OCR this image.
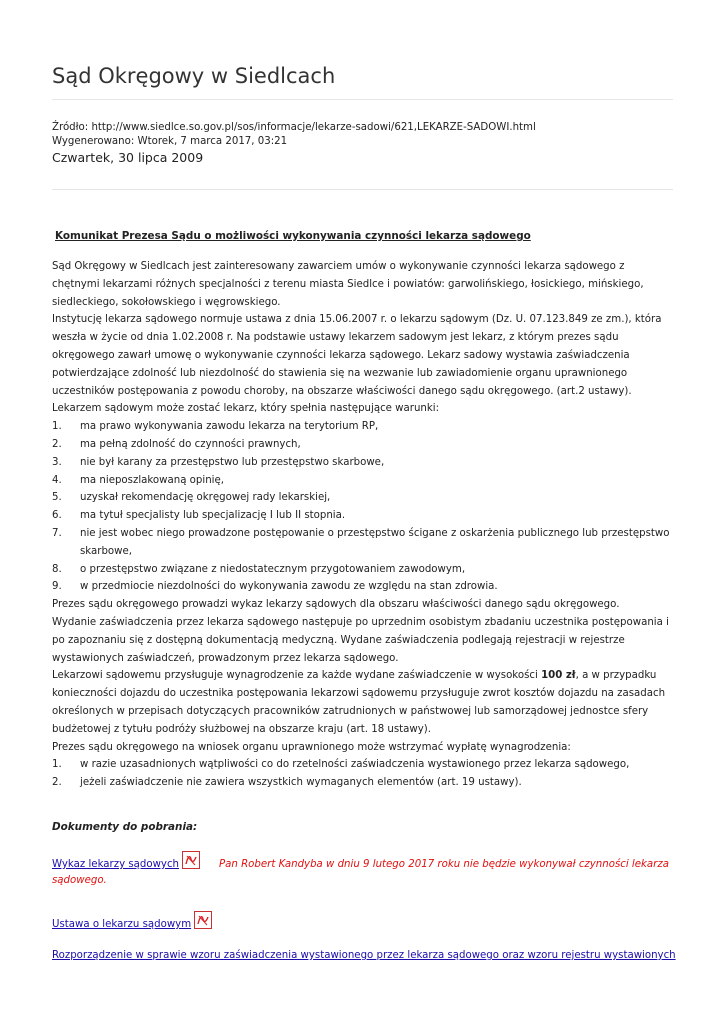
Sąd Okręgowy w Siedlcach
Źródło: http://www.siedlce.so.gov.pl/sos/informacje/lekarze-sadowi/621,LEKARZE-SADOWI.html
Wygenerowano: Wtorek, 7 marca 2017, 03:21
Czwartek, 30 lipca 2009
Komunikat Prezesa Sądu o możliwości wykonywania czynności lekarza sądowego

Sąd Okręgowy w Siedlcach jest zainteresowany zawarciem umów o wykonywanie czynności lekarza sądowego z chętnymi lekarzami różnych specjalności z terenu miasta Siedlce i powiatów: garwolińskiego, łosickiego, mińskiego, siedleckiego, sokołowskiego i węgrowskiego.

Instytucję lekarza sądowego normuje ustawa z dnia 15.06.2007 r. o lekarzu sądowym (Dz. U. 07.123.849 ze zm.), która weszła w życie od dnia 1.02.2008 r. Na podstawie ustawy lekarzem sadowym jest lekarz, z którym prezes sądu okręgowego zawarł umowę o wykonywanie czynności lekarza sądowego. Lekarz sadowy wystawia zaświadczenia potwierdzające zdolność lub niezdolność do stawienia się na wezwanie lub zawiadomienie organu uprawnionego uczestników postępowania z powodu choroby, na obszarze właściwości danego sądu okręgowego. (art.2 ustawy).

Lekarzem sądowym może zostać lekarz, który spełnia następujące warunki:

1.	ma prawo wykonywania zawodu lekarza na terytorium RP,
2.	ma pełną zdolność do czynności prawnych,
3.	nie był karany za przestępstwo lub przestępstwo skarbowe,
4.	ma nieposzlakowaną opinię,
5.	uzyskał rekomendację okręgowej rady lekarskiej,
6.	ma tytuł specjalisty lub specjalizację I lub II stopnia.
7.	nie jest wobec niego prowadzone postępowanie o przestępstwo ścigane z oskarżenia publicznego lub przestępstwo skarbowe,
8.	o przestępstwo związane z niedostatecznym przygotowaniem zawodowym,
9.	w przedmiocie niezdolności do wykonywania zawodu ze względu na stan zdrowia.

Prezes sądu okręgowego prowadzi wykaz lekarzy sądowych dla obszaru właściwości danego sądu okręgowego.

Wydanie zaświadczenia przez lekarza sądowego następuje po uprzednim osobistym zbadaniu uczestnika postępowania i po zapoznaniu się z dostępną dokumentacją medyczną. Wydane zaświadczenia podlegają rejestracji w rejestrze wystawionych zaświadczeń, prowadzonym przez lekarza sądowego.

Lekarzowi sądowemu przysługuje wynagrodzenie za każde wydane zaświadczenie w wysokości 100 zł, a w przypadku konieczności dojazdu do uczestnika postępowania lekarzowi sądowemu przysługuje zwrot kosztów dojazdu na zasadach określonych w przepisach dotyczących pracowników zatrudnionych w państwowej lub samorządowej jednostce sfery budżetowej z tytułu podróży służbowej na obszarze kraju (art. 18 ustawy).

Prezes sądu okręgowego na wniosek organu uprawnionego może wstrzymać wypłatę wynagrodzenia:

1.	w razie uzasadnionych wątpliwości co do rzetelności zaświadczenia wystawionego przez lekarza sądowego,
2.	jeżeli zaświadczenie nie zawiera wszystkich wymaganych elementów (art. 19 ustawy).
Dokumenty do pobrania:
Wykaz lekarzy sądowych	Pan Robert Kandyba w dniu 9 lutego 2017 roku nie będzie wykonywał czynności lekarza sądowego.
Ustawa o lekarzu sądowym
Rozporządzenie w sprawie wzoru zaświadczenia wystawionego przez lekarza sądowego oraz wzoru rejestru wystawionych
